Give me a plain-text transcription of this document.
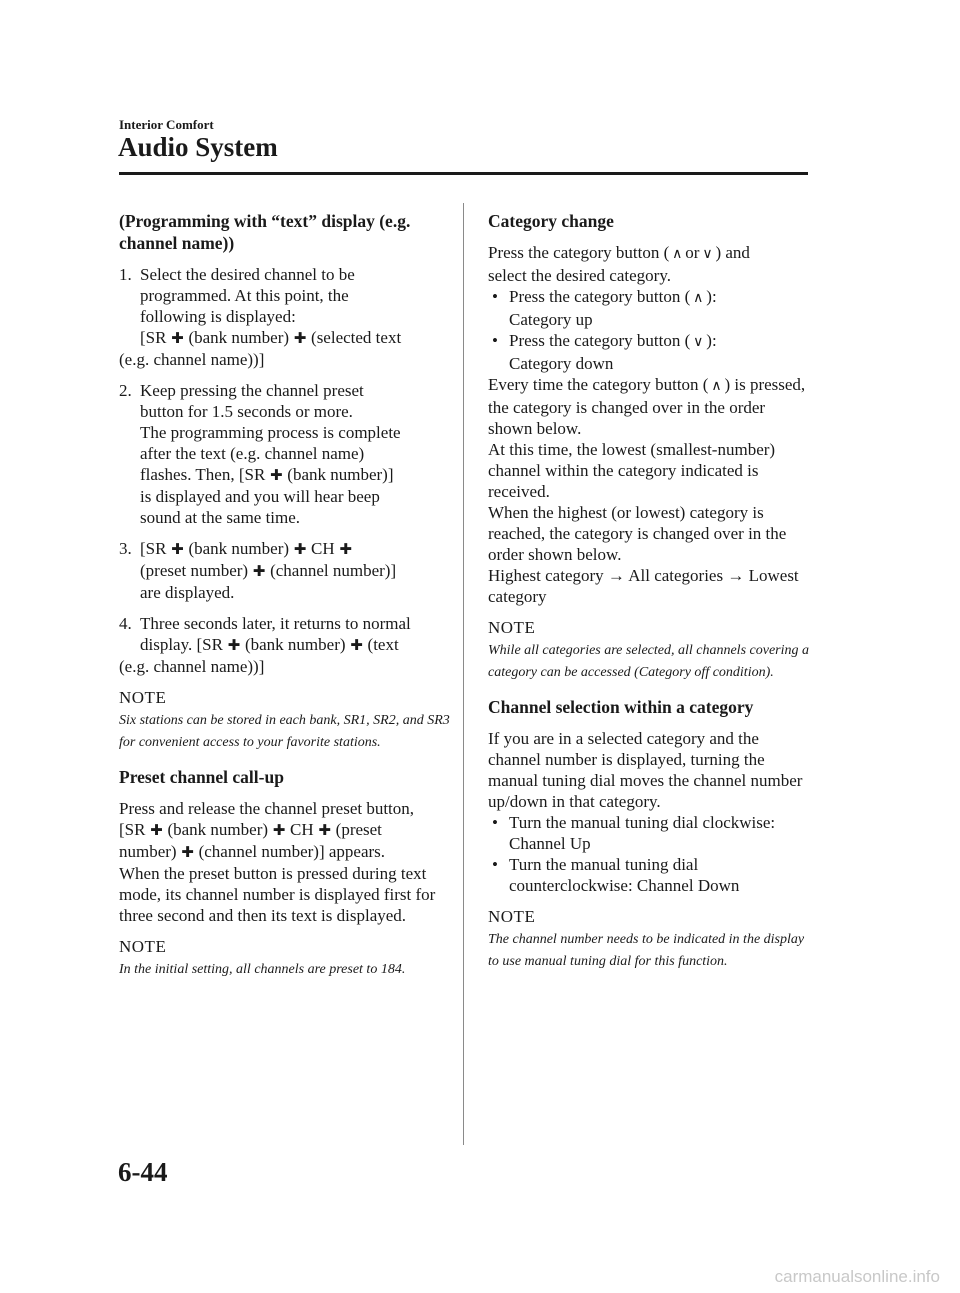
Interior Comfort
Audio System
(Programming with “text” display (e.g. channel name))
1. Select the desired channel to be
programmed. At this point, the
following is displayed:
[SR ✚ (bank number) ✚ (selected text
(e.g. channel name))]
2. Keep pressing the channel preset
button for 1.5 seconds or more.
The programming process is complete
after the text (e.g. channel name)
flashes. Then, [SR ✚ (bank number)]
is displayed and you will hear beep
sound at the same time.
3. [SR ✚ (bank number) ✚ CH ✚
(preset number) ✚ (channel number)]
are displayed.
4. Three seconds later, it returns to normal
display. [SR ✚ (bank number) ✚ (text
(e.g. channel name))]
NOTE
Six stations can be stored in each bank, SR1, SR2, and SR3 for convenient access to your favorite stations.
Preset channel call-up

Press and release the channel preset button,
[SR ✚ (bank number) ✚ CH ✚ (preset
number) ✚ (channel number)] appears.

When the preset button is pressed during text mode, its channel number is displayed first for three second and then its text is displayed.

NOTE
In the initial setting, all channels are preset to 184.
Category change

Press the category button ( ∧ or ∨ ) and
select the desired category.

• Press the category button ( ∧ ):
Category up
• Press the category button ( ∨ ):
Category down

Every time the category button ( ∧ ) is pressed, the category is changed over in the order shown below.

At this time, the lowest (smallest-number) channel within the category indicated is received.

When the highest (or lowest) category is reached, the category is changed over in the order shown below.

Highest category → All categories → Lowest category

NOTE
While all categories are selected, all channels covering a category can be accessed (Category off condition).
Channel selection within a category

If you are in a selected category and the channel number is displayed, turning the manual tuning dial moves the channel number up/down in that category.

• Turn the manual tuning dial clockwise:
Channel Up
• Turn the manual tuning dial
counterclockwise: Channel Down
NOTE
The channel number needs to be indicated in the display to use manual tuning dial for this function.
6-44
carmanualsonline.info
